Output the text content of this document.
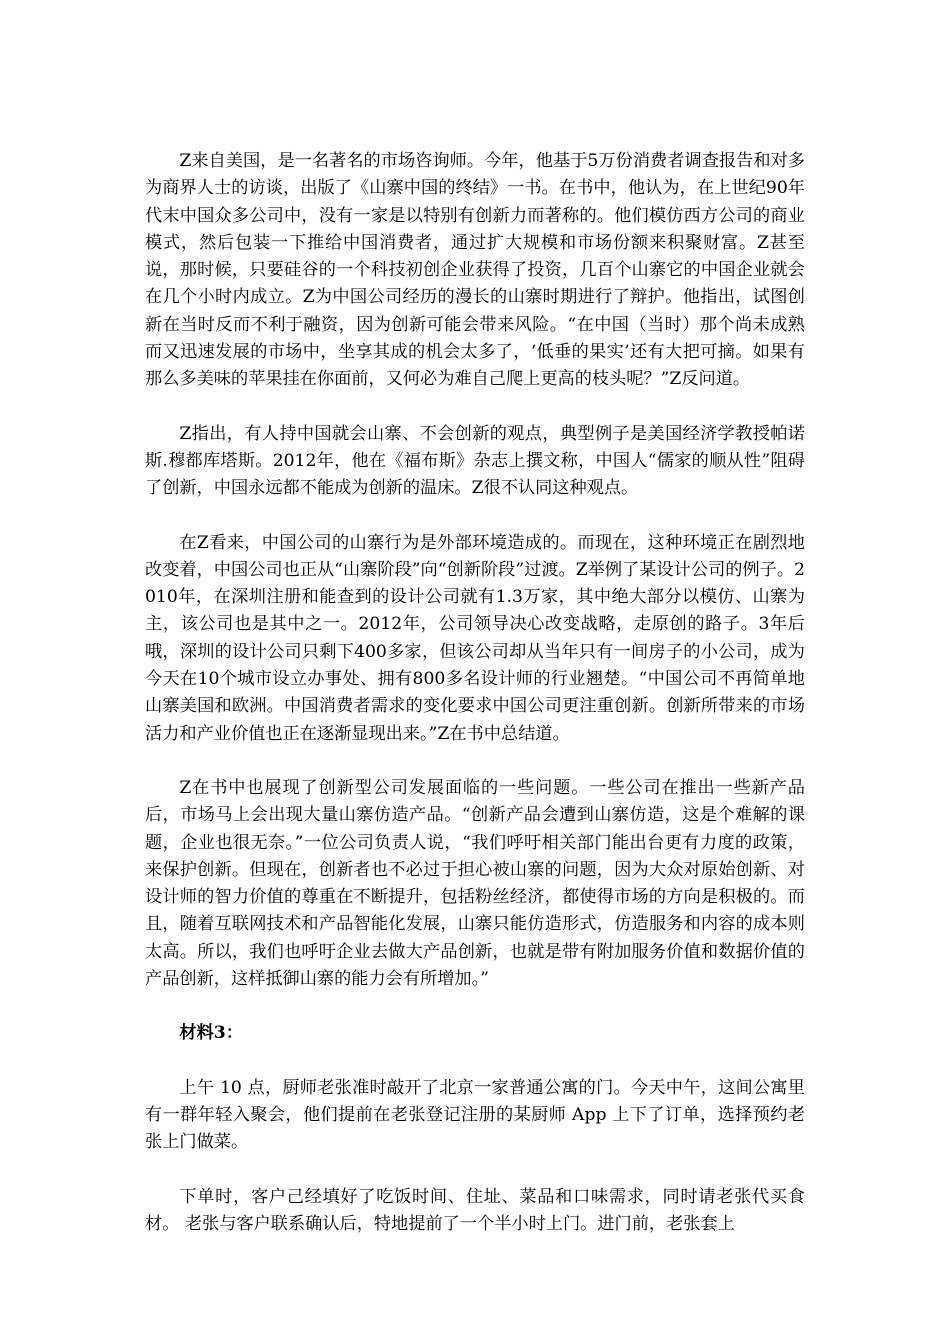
Z来自美国，是一名著名的市场咨询师。今年，他基于5万份消费者调查报告和对多为商界人士的访谈，出版了《山寨中国的终结》一书。在书中，他认为，在上世纪90年代末中国众多公司中，没有一家是以特别有创新力而著称的。他们模仿西方公司的商业模式，然后包装一下推给中国消费者，通过扩大规模和市场份额来积聚财富。Z甚至说，那时候，只要硅谷的一个科技初创企业获得了投资，几百个山寨它的中国企业就会在几个小时内成立。Z为中国公司经历的漫长的山寨时期进行了辩护。他指出，试图创新在当时反而不利于融资，因为创新可能会带来风险。“在中国（当时）那个尚未成熟而又迅速发展的市场中，坐享其成的机会太多了，‘低垂的果实’还有大把可摘。如果有那么多美味的苹果挂在你面前，又何必为难自己爬上更高的枝头呢？”Z反问道。

Z指出，有人持中国就会山寨、不会创新的观点，典型例子是美国经济学教授帕诺斯.穆都库塔斯。2012年，他在《福布斯》杂志上撰文称，中国人“儒家的顺从性”阻碍了创新，中国永远都不能成为创新的温床。Z很不认同这种观点。

在Z看来，中国公司的山寨行为是外部环境造成的。而现在，这种环境正在剧烈地改变着，中国公司也正从“山寨阶段”向“创新阶段”过渡。Z举例了某设计公司的例子。2010年，在深圳注册和能查到的设计公司就有1.3万家，其中绝大部分以模仿、山寨为主，该公司也是其中之一。2012年，公司领导决心改变战略，走原创的路子。3年后哦，深圳的设计公司只剩下400多家，但该公司却从当年只有一间房子的小公司，成为今天在10个城市设立办事处、拥有800多名设计师的行业翘楚。“中国公司不再简单地山寨美国和欧洲。中国消费者需求的变化要求中国公司更注重创新。创新所带来的市场活力和产业价值也正在逐渐显现出来。”Z在书中总结道。

Z在书中也展现了创新型公司发展面临的一些问题。一些公司在推出一些新产品后，市场马上会出现大量山寨仿造产品。“创新产品会遭到山寨仿造，这是个难解的课题，企业也很无奈。”一位公司负责人说，“我们呼吁相关部门能出台更有力度的政策，来保护创新。但现在，创新者也不必过于担心被山寨的问题，因为大众对原始创新、对设计师的智力价值的尊重在不断提升，包括粉丝经济，都使得市场的方向是积极的。而且，随着互联网技术和产品智能化发展，山寨只能仿造形式，仿造服务和内容的成本则太高。所以，我们也呼吁企业去做大产品创新，也就是带有附加服务价值和数据价值的产品创新，这样抵御山寨的能力会有所增加。”

材料3：

上午 10 点，厨师老张准时敲开了北京一家普通公寓的门。今天中午，这间公寓里有一群年轻入聚会，他们提前在老张登记注册的某厨师 App 上下了订单，选择预约老张上门做菜。

下单时，客户己经填好了吃饭时间、住址、菜品和口味需求，同时请老张代买食材。 老张与客户联系确认后，特地提前了一个半小时上门。进门前，老张套上
